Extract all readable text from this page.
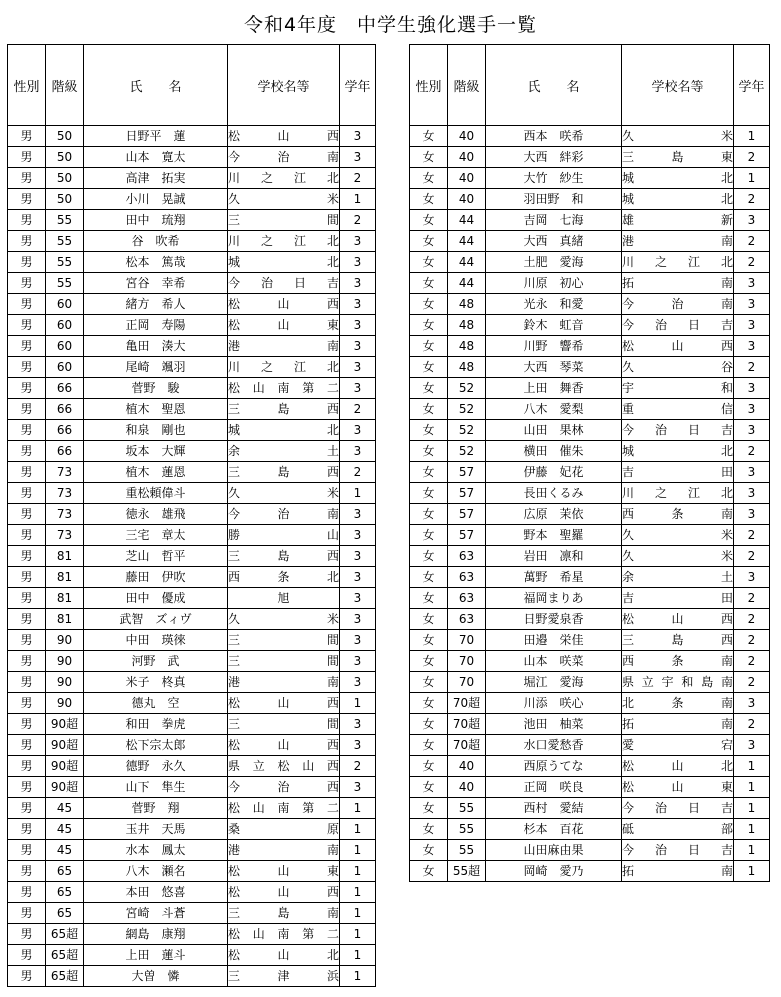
令和4年度　中学生強化選手一覧
性別	階級	氏　　名	学校名等	学年
男	50	日野平　蓮	松山西	3
男	50	山本　寛太	今治南	3
男	50	高津　拓実	川之江北	2
男	50	小川　晃誠	久米	1
男	55	田中　琉翔	三間	2
男	55	谷　吹希	川之江北	3
男	55	松本　篤哉	城北	3
男	55	宮谷　幸希	今治日吉	3
男	60	緒方　希人	松山西	3
男	60	正岡　寿陽	松山東	3
男	60	亀田　湊大	港南	3
男	60	尾崎　颯羽	川之江北	3
男	66	菅野　駿	松山南第二	3
男	66	植木　聖恩	三島西	2
男	66	和泉　剛也	城北	3
男	66	坂本　大輝	余土	3
男	73	植木　蓮恩	三島西	2
男	73	重松頼偉斗	久米	1
男	73	徳永　雄飛	今治南	3
男	73	三宅　章太	勝山	3
男	81	芝山　哲平	三島西	3
男	81	藤田　伊吹	西条北	3
男	81	田中　優成	旭	3
男	81	武智　ズィヴ	久米	3
男	90	中田　瑛徠	三間	3
男	90	河野　武	三間	3
男	90	米子　柊真	港南	3
男	90	德丸　空	松山西	1
男	90超	和田　拳虎	三間	3
男	90超	松下宗太郎	松山西	3
男	90超	德野　永久	県立松山西	2
男	90超	山下　隼生	今治西	3
男	45	菅野　翔	松山南第二	1
男	45	玉井　天馬	桑原	1
男	45	水本　鳳太	港南	1
男	65	八木　瀬名	松山東	1
男	65	本田　悠喜	松山西	1
男	65	宮崎　斗蒼	三島南	1
男	65超	網島　康翔	松山南第二	1
男	65超	上田　蓮斗	松山北	1
男	65超	大曽　憐	三津浜	1
性別	階級	氏　　名	学校名等	学年
女	40	西本　咲希	久米	1
女	40	大西　絆彩	三島東	2
女	40	大竹　紗生	城北	1
女	40	羽田野　和	城北	2
女	44	吉岡　七海	雄新	3
女	44	大西　真緒	港南	2
女	44	土肥　愛海	川之江北	2
女	44	川原　初心	拓南	3
女	48	光永　和愛	今治南	3
女	48	鈴木　虹音	今治日吉	3
女	48	川野　響希	松山西	3
女	48	大西　琴菜	久谷	2
女	52	上田　舞香	宇和	3
女	52	八木　愛梨	重信	3
女	52	山田　果林	今治日吉	3
女	52	横田　催朱	城北	2
女	57	伊藤　妃花	吉田	3
女	57	長田くるみ	川之江北	3
女	57	広原　茉依	西条南	3
女	57	野本　聖羅	久米	2
女	63	岩田　凛和	久米	2
女	63	萬野　希星	余土	3
女	63	福岡まりあ	吉田	2
女	63	日野愛泉香	松山西	2
女	70	田邉　栄佳	三島西	2
女	70	山本　咲菜	西条南	2
女	70	堀江　愛海	県立宇和島南	2
女	70超	川添　咲心	北条南	3
女	70超	池田　柚菜	拓南	2
女	70超	水口愛愁香	愛宕	3
女	40	西原うてな	松山北	1
女	40	正岡　咲良	松山東	1
女	55	西村　愛結	今治日吉	1
女	55	杉本　百花	砥部	1
女	55	山田麻由果	今治日吉	1
女	55超	岡崎　愛乃	拓南	1
